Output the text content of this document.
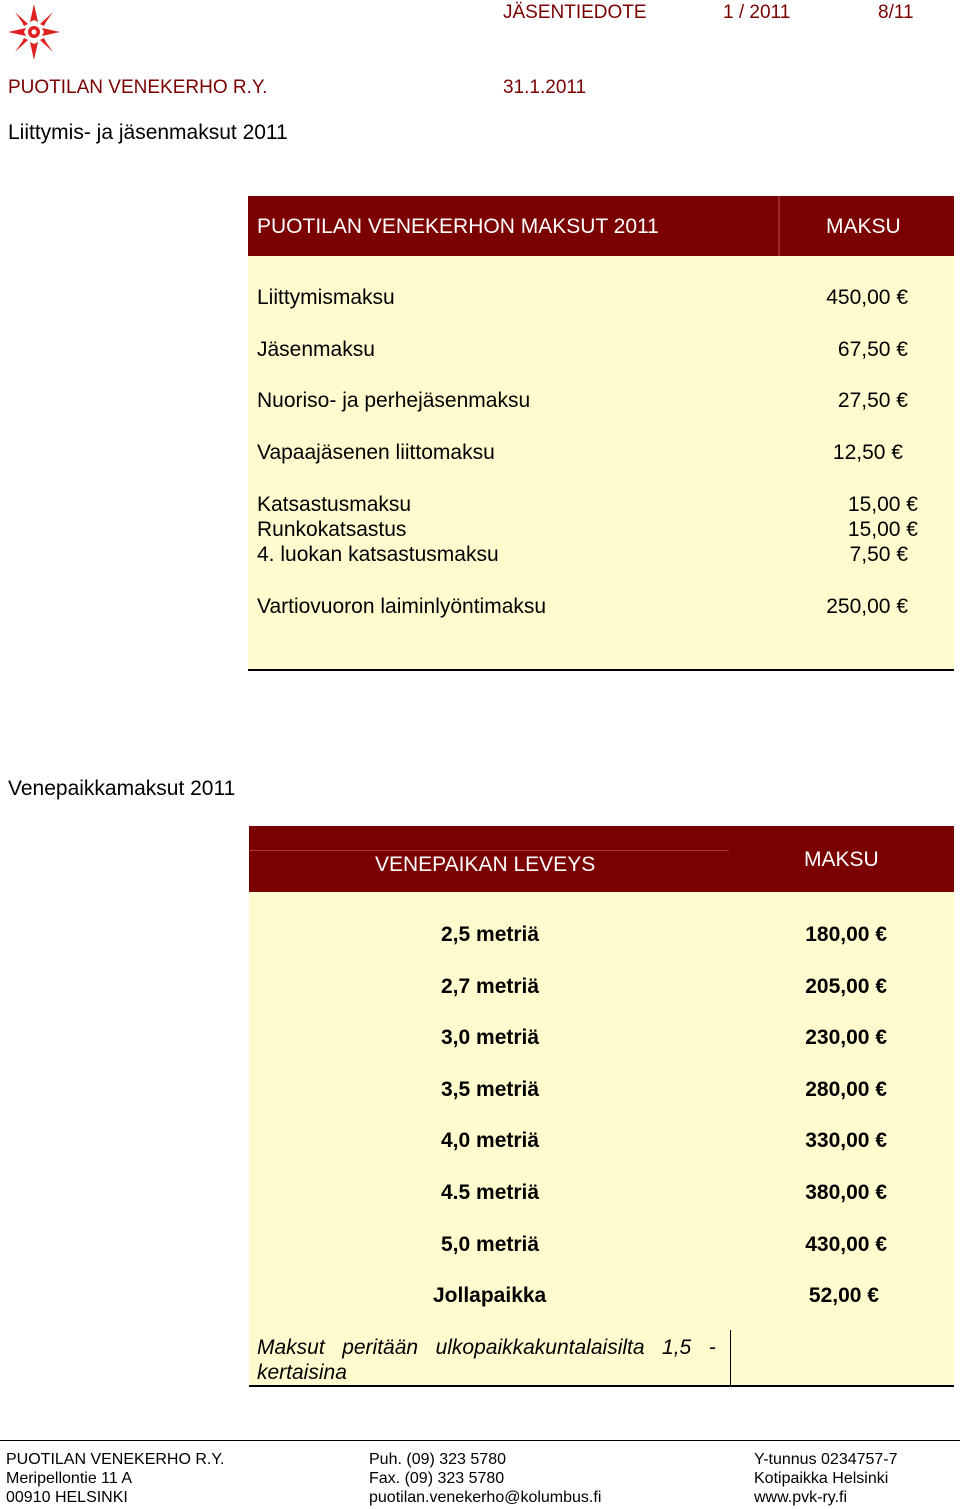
JÄSENTIEDOTE	1 / 2011	8/11
PUOTILAN VENEKERHO R.Y.	31.1.2011
Liittymis- ja jäsenmaksut 2011
PUOTILAN VENEKERHON MAKSUT 2011	MAKSU
Liittymismaksu	450,00 €
Jäsenmaksu	67,50 €
Nuoriso- ja perhejäsenmaksu	27,50 €
Vapaajäsenen liittomaksu	12,50 €
Katsastusmaksu	15,00 €
Runkokatsastus	15,00 €
4. luokan katsastusmaksu	7,50 €
Vartiovuoron laiminlyöntimaksu	250,00 €
Venepaikkamaksut 2011
VENEPAIKAN LEVEYS	MAKSU
2,5 metriä	180,00 €
2,7 metriä	205,00 €
3,0 metriä	230,00 €
3,5 metriä	280,00 €
4,0 metriä	330,00 €
4.5 metriä	380,00 €
5,0 metriä	430,00 €
Jollapaikka	52,00 €
Maksut   peritään   ulkopaikkakuntalaisilta   1,5   -
kertaisina
PUOTILAN VENEKERHO R.Y.
Meripellontie 11 A
00910 HELSINKI
Puh. (09) 323 5780
Fax. (09) 323 5780
puotilan.venekerho@kolumbus.fi
Y-tunnus 0234757-7
Kotipaikka Helsinki
www.pvk-ry.fi
